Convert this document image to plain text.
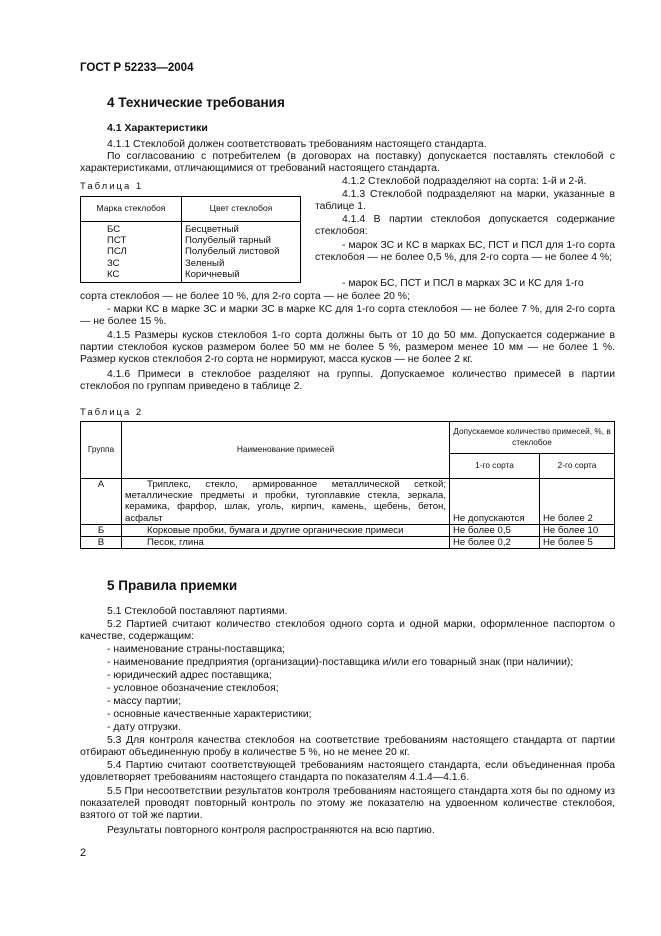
ГОСТ Р 52233—2004
4 Технические требования
4.1 Характеристики
4.1.1 Стеклобой должен соответствовать требованиям настоящего стандарта.
По согласованию с потребителем (в договорах на поставку) допускается поставлять стеклобой с характеристиками, отличающимися от требований настоящего стандарта.
Таблица 1
Марка стеклобоя	Цвет стеклобоя
БС	Бесцветный
ПСТ	Полубелый тарный
ПСЛ	Полубелый листовой
ЗС	Зеленый
КС	Коричневый
4.1.2 Стеклобой подразделяют на сорта: 1-й и 2-й.
4.1.3 Стеклобой подразделяют на марки, указанные в таблице 1.
4.1.4 В партии стеклобоя допускается содержание стеклобоя:
- марок ЗС и КС в марках БС, ПСТ и ПСЛ для 1-го сорта стеклобоя — не более 0,5 %, для 2-го сорта — не более 4 %;
- марок БС, ПСТ и ПСЛ в марках ЗС и КС для 1-го
сорта стеклобоя — не более 10 %, для 2-го сорта — не более 20 %;
- марки КС в марке ЗС и марки ЗС в марке КС для 1-го сорта стеклобоя — не более 7 %, для 2-го сорта — не более 15 %.
4.1.5 Размеры кусков стеклобоя 1-го сорта должны быть от 10 до 50 мм. Допускается содержание в партии стеклобоя кусков размером более 50 мм не более 5 %, размером менее 10 мм — не более 1 %. Размер кусков стеклобоя 2-го сорта не нормируют, масса кусков — не более 2 кг.
4.1.6 Примеси в стеклобое разделяют на группы. Допускаемое количество примесей в партии стеклобоя по группам приведено в таблице 2.
Таблица 2
Группа	Наименование примесей	Допускаемое количество примесей, %, в стеклобое	
		1-го сорта	2-го сорта
А	Триплекс, стекло, армированное металлической сеткой; металлические предметы и пробки, тугоплавкие стекла, зеркала, керамика, фарфор, шлак, уголь, кирпич, камень, щебень, бетон, асфальт	Не допускаются	Не более 2
Б	Корковые пробки, бумага и другие органические примеси	Не более 0,5	Не более 10
В	Песок, глина	Не более 0,2	Не более 5
5 Правила приемки
5.1 Стеклобой поставляют партиями.
5.2 Партией считают количество стеклобоя одного сорта и одной марки, оформленное паспортом о качестве, содержащим:
- наименование страны-поставщика;
- наименование предприятия (организации)-поставщика и/или его товарный знак (при наличии);
- юридический адрес поставщика;
- условное обозначение стеклобоя;
- массу партии;
- основные качественные характеристики;
- дату отгрузки.
5.3 Для контроля качества стеклобоя на соответствие требованиям настоящего стандарта от партии отбирают объединенную пробу в количестве 5 %, но не менее 20 кг.
5.4 Партию считают соответствующей требованиям настоящего стандарта, если объединенная проба удовлетворяет требованиям настоящего стандарта по показателям 4.1.4—4.1.6.
5.5 При несоответствии результатов контроля требованиям настоящего стандарта хотя бы по одному из показателей проводят повторный контроль по этому же показателю на удвоенном количестве стеклобоя, взятого от той же партии.
Результаты повторного контроля распространяются на всю партию.
2
